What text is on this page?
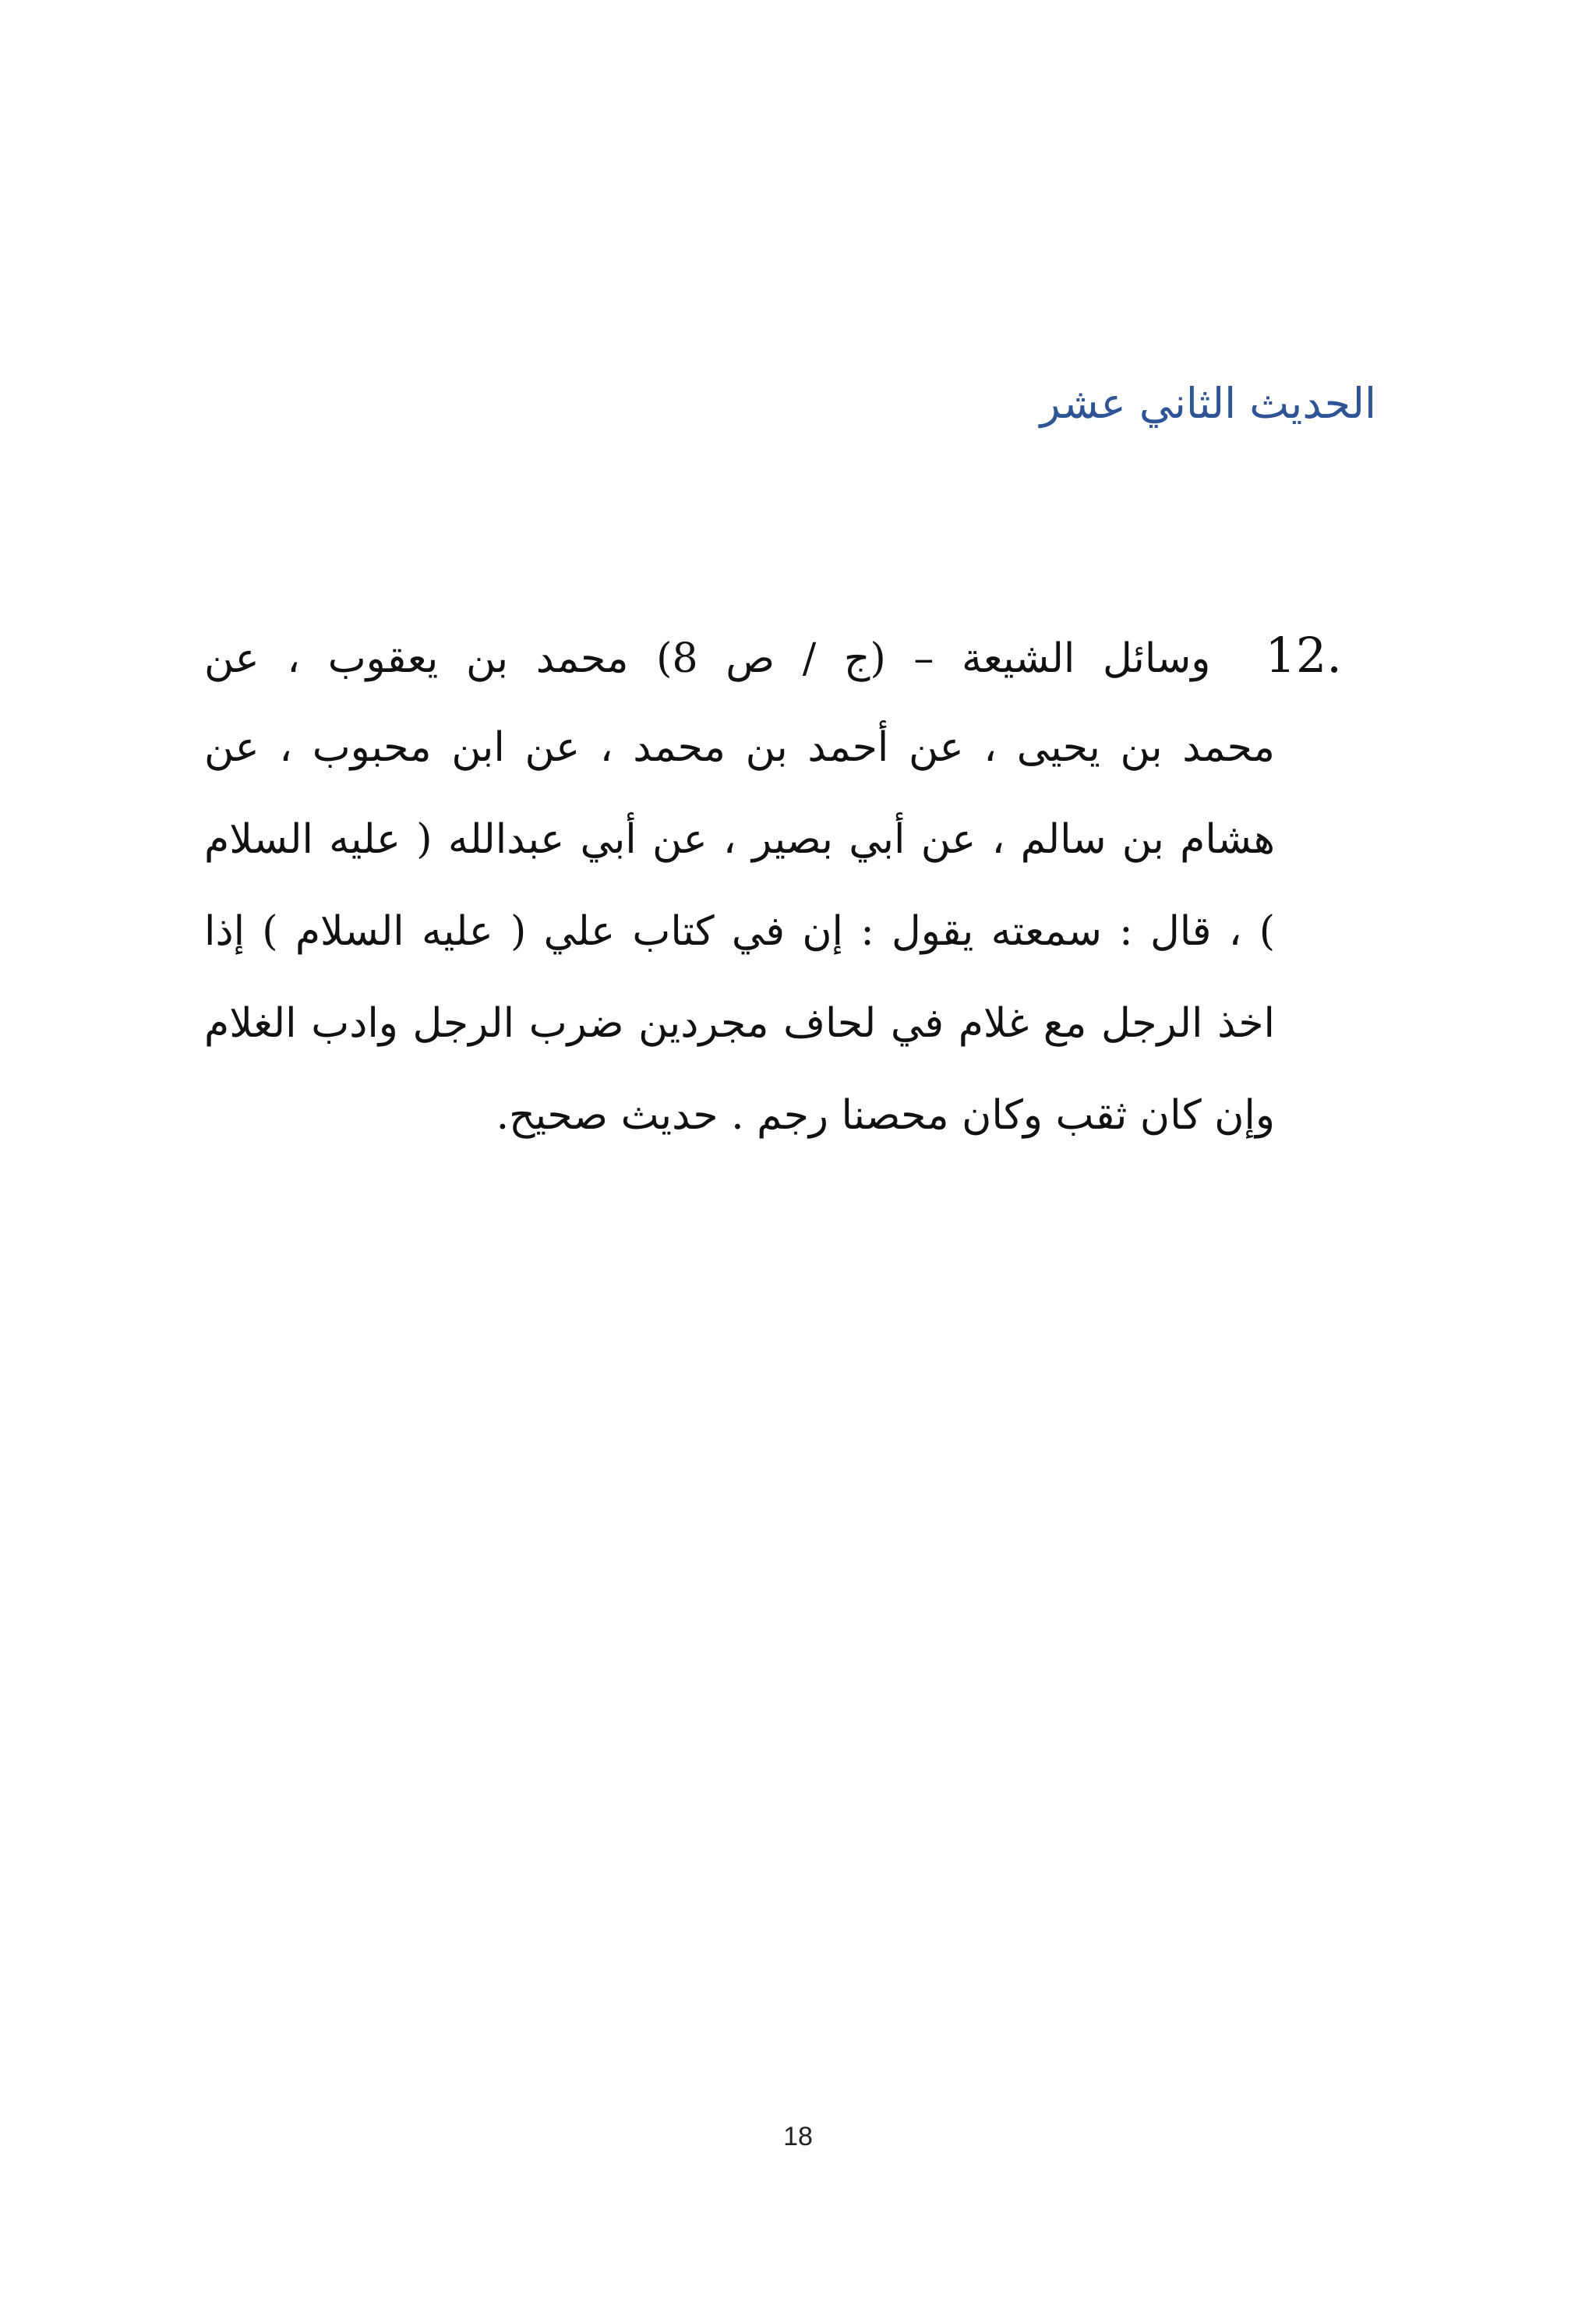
الحديث الثاني عشر
12.وسائل الشيعة – (ج / ص 8) محمد بن يعقوب ، عن
محمد بن يحيى ، عن أحمد بن محمد ، عن ابن محبوب ، عن
هشام بن سالم ، عن أبي بصير ، عن أبي عبدالله ( عليه السلام
) ، قال : سمعته يقول : إن في كتاب علي ( عليه السلام ) إذا
اخذ الرجل مع غلام في لحاف مجردين ضرب الرجل وادب الغلام
وإن كان ثقب وكان محصنا رجم . حديث صحيح.
18
